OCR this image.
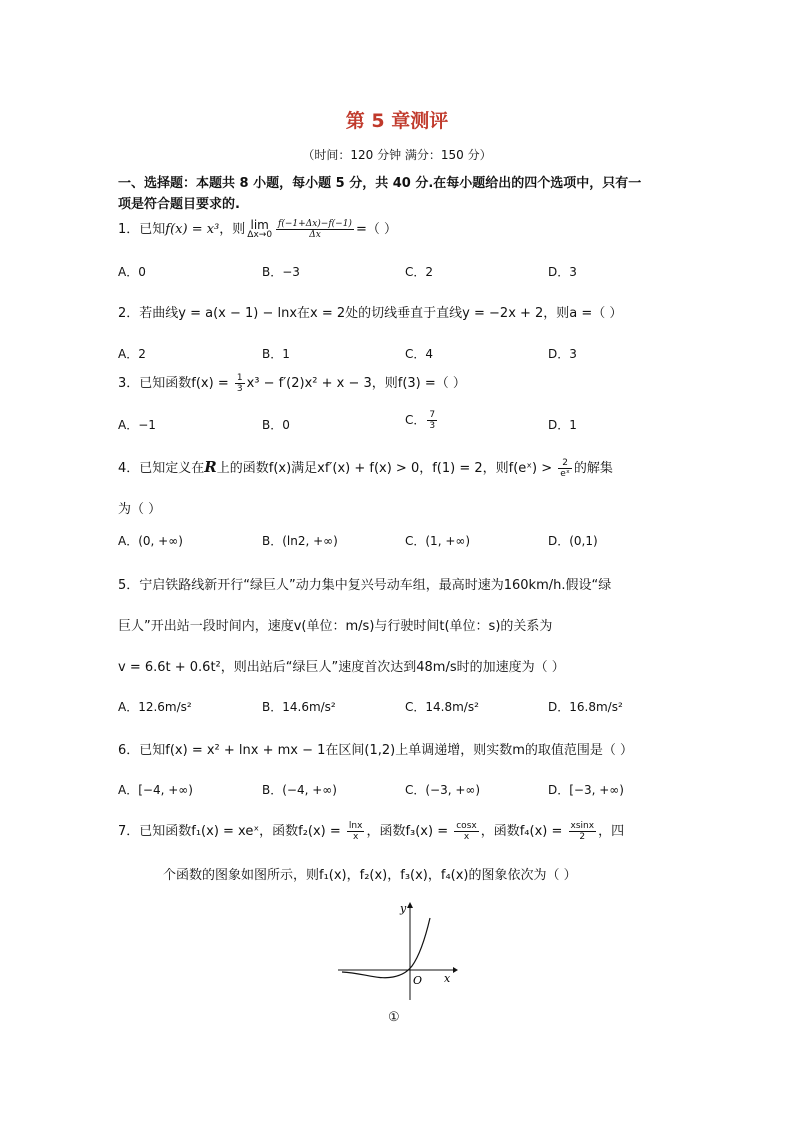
第 5 章测评
（时间：120 分钟 满分：150 分）
一、选择题：本题共 8 小题，每小题 5 分，共 40 分.在每小题给出的四个选项中，只有一
项是符合题目要求的.
1．已知f(x) = x³，则 lim
$\Delta x\to 0 \frac{f(-1+\Delta x)-f(-1)}{\Delta x}$ =（ ）
A．0	B．−3	C．2	D．3
2．若曲线y = a(x − 1) − lnx在x = 2处的切线垂直于直线y = −2x + 2，则a =（ ）
A．2	B．1	C．4	D．3
3．已知函数$f(x) = \frac{1}{3} x^3 - f'(2)x^2 + x - 3$，则f(3) =（ ）
A．−1	B．0	C． $\frac{7}{3}$	D．1
4．已知定义在R上的函数f(x)满足xf′(x) + f(x) > 0，f(1) = 2，则f(eˣ) > $\frac{2}{\text{eˣ}}$ 的解集
为（ ）
A．(0, +∞)	B．(ln2, +∞)	C．(1, +∞)	D．(0,1)
5．宁启铁路线新开行“绿巨人”动力集中复兴号动车组，最高时速为160km/h.假设“绿
巨人”开出站一段时间内，速度v(单位：m/s)与行驶时间t(单位：s)的关系为
v = 6.6t + 0.6t²，则出站后“绿巨人”速度首次达到48m/s时的加速度为（ ）
A．12.6m/s²	B．14.6m/s²	C．14.8m/s²	D．16.8m/s²
6．已知f(x) = x² + lnx + mx − 1在区间(1,2)上单调递增，则实数m的取值范围是（ ）
A．[−4, +∞)	B．(−4, +∞)	C．(−3, +∞)	D．[−3, +∞)
7．已知函数f₁(x) = xeˣ，函数$f_2(x) = \frac{\ln x}{x}$ ，函数$f_3(x) = \frac{\cos x}{x}$ ，函数$f_4(x) = \frac{xsinx}{2}$ ，四
个函数的图象如图所示，则f₁(x)，f₂(x)，f₃(x)，f₄(x)的图象依次为（ ）
y
x
O
①
